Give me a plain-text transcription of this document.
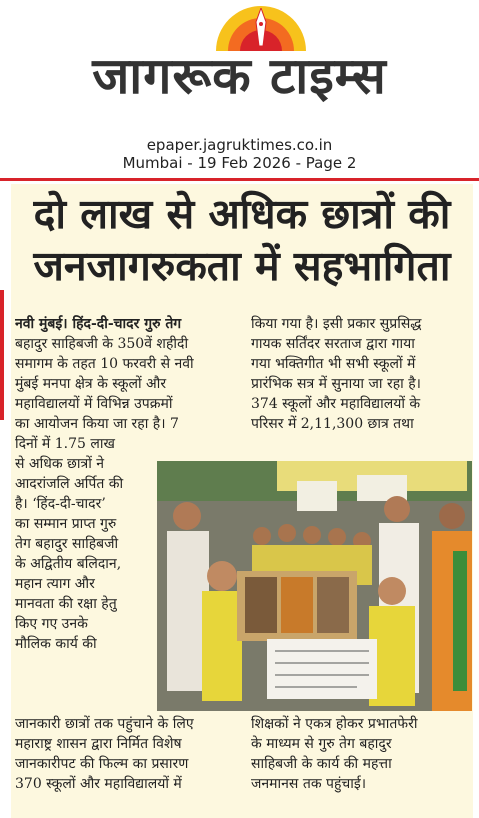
जागरूक टाइम्स
epaper.jagruktimes.co.in
Mumbai - 19 Feb 2026 - Page 2
दो लाख से अधिक छात्रों की
जनजागरुकता में सहभागिता
नवी मुंबई। हिंद-दी-चादर गुरु तेग
बहादुर साहिबजी के 350वें शहीदी
समागम के तहत 10 फरवरी से नवी
मुंबई मनपा क्षेत्र के स्कूलों और
महाविद्यालयों में विभिन्न उपक्रमों
का आयोजन किया जा रहा है। 7
दिनों में 1.75 लाख
से अधिक छात्रों ने
आदरांजलि अर्पित की
है। ‘हिंद-दी-चादर’
का सम्मान प्राप्त गुरु
तेग बहादुर साहिबजी
के अद्वितीय बलिदान,
महान त्याग और
मानवता की रक्षा हेतु
किए गए उनके
मौलिक कार्य की
जानकारी छात्रों तक पहुंचाने के लिए
महाराष्ट्र शासन द्वारा निर्मित विशेष
जानकारीपट की फिल्म का प्रसारण
370 स्कूलों और महाविद्यालयों में
किया गया है। इसी प्रकार सुप्रसिद्ध
गायक सर्तिंदर सरताज द्वारा गाया
गया भक्तिगीत भी सभी स्कूलों में
प्रारंभिक सत्र में सुनाया जा रहा है।
374 स्कूलों और महाविद्यालयों के
परिसर में 2,11,300 छात्र तथा
शिक्षकों ने एकत्र होकर प्रभातफेरी
के माध्यम से गुरु तेग बहादुर
साहिबजी के कार्य की महत्ता
जनमानस तक पहुंचाई।
